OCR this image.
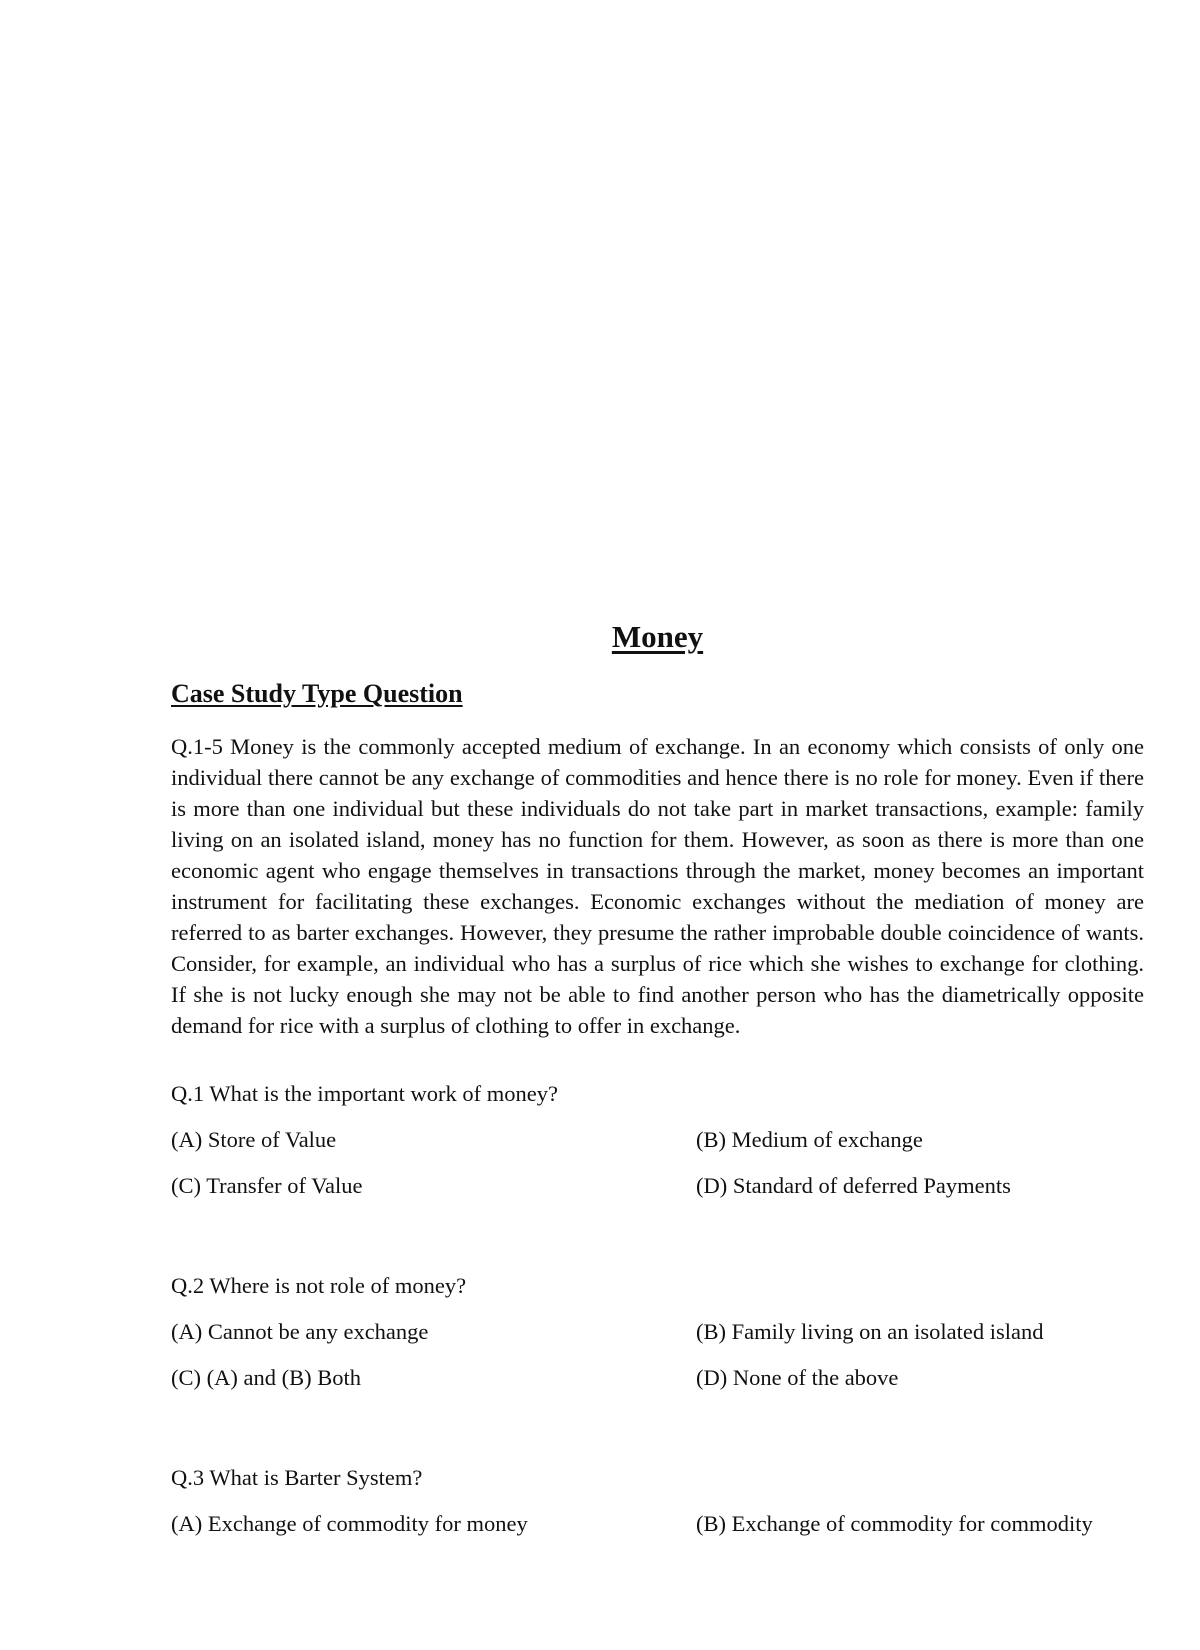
Money
Case Study Type Question

Q.1-5 Money is the commonly accepted medium of exchange. In an economy which consists of only one individual there cannot be any exchange of commodities and hence there is no role for money. Even if there is more than one individual but these individuals do not take part in market transactions, example: family living on an isolated island, money has no function for them. However, as soon as there is more than one economic agent who engage themselves in transactions through the market, money becomes an important instrument for facilitating these exchanges. Economic exchanges without the mediation of money are referred to as barter exchanges. However, they presume the rather improbable double coincidence of wants. Consider, for example, an individual who has a surplus of rice which she wishes to exchange for clothing. If she is not lucky enough she may not be able to find another person who has the diametrically opposite demand for rice with a surplus of clothing to offer in exchange.

Q.1 What is the important work of money?

(A) Store of Value	(B) Medium of exchange

(C) Transfer of Value	(D) Standard of deferred Payments

Q.2 Where is not role of money?

(A) Cannot be any exchange	(B) Family living on an isolated island

(C) (A) and (B) Both	(D) None of the above

Q.3 What is Barter System?

(A) Exchange of commodity for money	(B) Exchange of commodity for commodity
